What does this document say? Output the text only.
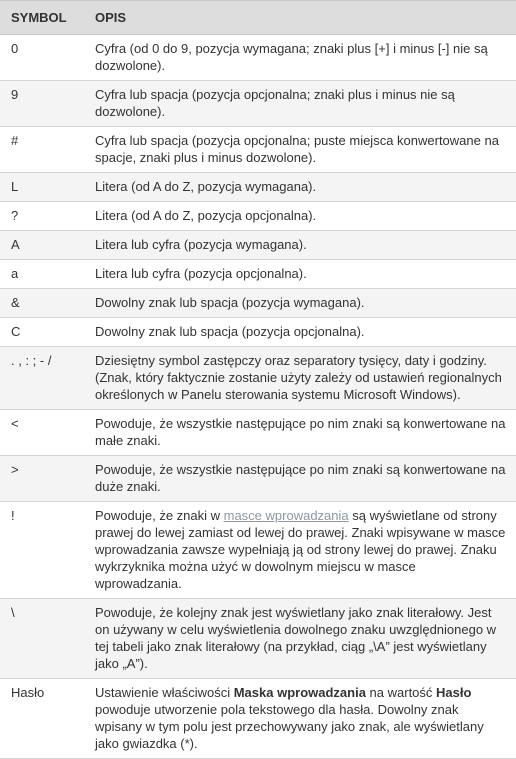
SYMBOL	OPIS
0	Cyfra (od 0 do 9, pozycja wymagana; znaki plus [+] i minus [-] nie są dozwolone).
9	Cyfra lub spacja (pozycja opcjonalna; znaki plus i minus nie są dozwolone).
#	Cyfra lub spacja (pozycja opcjonalna; puste miejsca konwertowane na spacje, znaki plus i minus dozwolone).
L	Litera (od A do Z, pozycja wymagana).
?	Litera (od A do Z, pozycja opcjonalna).
A	Litera lub cyfra (pozycja wymagana).
a	Litera lub cyfra (pozycja opcjonalna).
&	Dowolny znak lub spacja (pozycja wymagana).
C	Dowolny znak lub spacja (pozycja opcjonalna).
. , : ; - /	Dziesiętny symbol zastępczy oraz separatory tysięcy, daty i godziny. (Znak, który faktycznie zostanie użyty zależy od ustawień regionalnych określonych w Panelu sterowania systemu Microsoft Windows).
<	Powoduje, że wszystkie następujące po nim znaki są konwertowane na małe znaki.
>	Powoduje, że wszystkie następujące po nim znaki są konwertowane na duże znaki.
!	Powoduje, że znaki w masce wprowadzania są wyświetlane od strony prawej do lewej zamiast od lewej do prawej. Znaki wpisywane w masce wprowadzania zawsze wypełniają ją od strony lewej do prawej. Znaku wykrzyknika można użyć w dowolnym miejscu w masce wprowadzania.
\	Powoduje, że kolejny znak jest wyświetlany jako znak literałowy. Jest on używany w celu wyświetlenia dowolnego znaku uwzględnionego w tej tabeli jako znak literałowy (na przykład, ciąg „\A” jest wyświetlany jako „A”).
Hasło	Ustawienie właściwości Maska wprowadzania na wartość Hasło powoduje utworzenie pola tekstowego dla hasła. Dowolny znak wpisany w tym polu jest przechowywany jako znak, ale wyświetlany jako gwiazdka (*).
